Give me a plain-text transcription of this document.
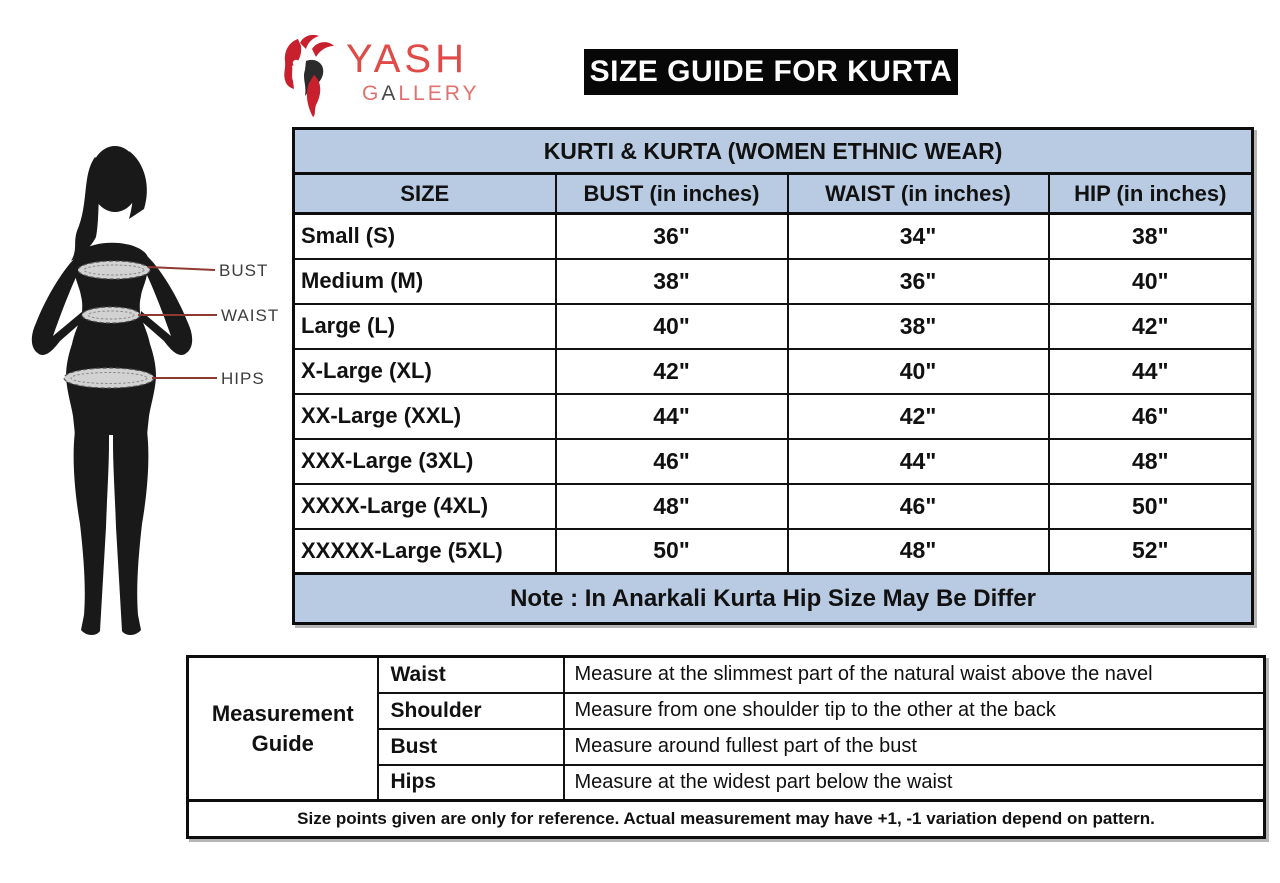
YASH
GALLERY
SIZE GUIDE FOR KURTA
BUST
WAIST
HIPS
KURTI & KURTA (WOMEN ETHNIC WEAR)			
SIZE	BUST (in inches)	WAIST (in inches)	HIP (in inches)
Small (S)	36"	34"	38"
Medium (M)	38"	36"	40"
Large (L)	40"	38"	42"
X-Large (XL)	42"	40"	44"
XX-Large (XXL)	44"	42"	46"
XXX-Large (3XL)	46"	44"	48"
XXXX-Large (4XL)	48"	46"	50"
XXXXX-Large (5XL)	50"	48"	52"
Note : In Anarkali Kurta Hip Size May Be Differ			
Measurement
Guide	Waist	Measure at the slimmest part of the natural waist above the navel
	Shoulder	Measure from one shoulder tip to the other at the back
	Bust	Measure around fullest part of the bust
	Hips	Measure at the widest part below the waist
Size points given are only for reference. Actual measurement may have +1, -1 variation depend on pattern.		
